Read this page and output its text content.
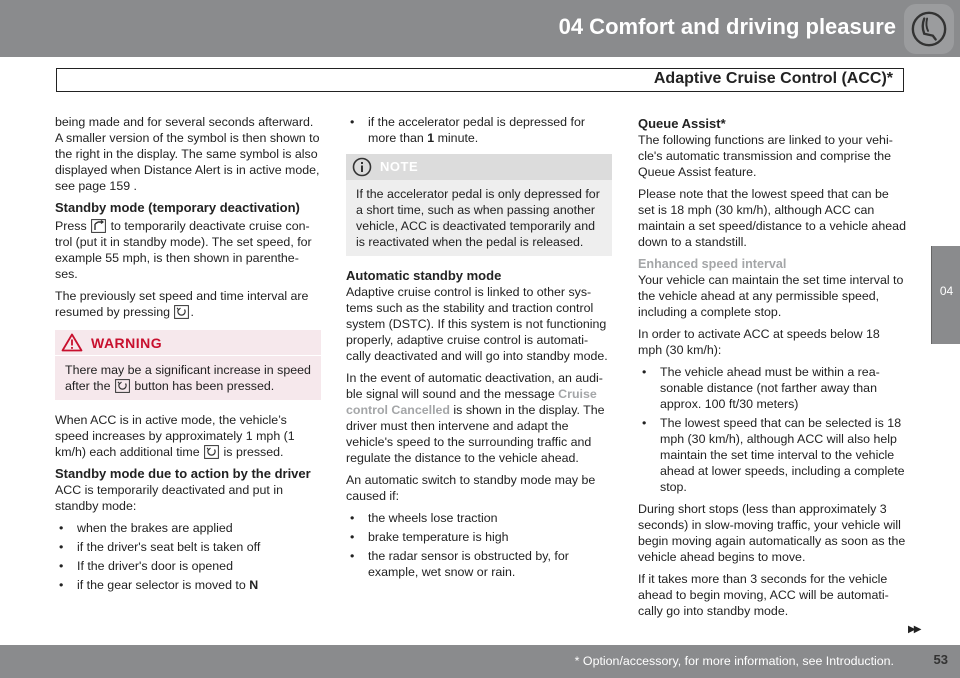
04 Comfort and driving pleasure
Adaptive Cruise Control (ACC)*
04

being made and for several seconds afterward. A smaller version of the symbol is then shown to the right in the display. The same symbol is also displayed when Distance Alert is in active mode, see page 159 .

Standby mode (temporary deactivation)

Press to temporarily deactivate cruise con- trol (put it in standby mode). The set speed, for example 55 mph, is then shown in parenthe- ses.

The previously set speed and time interval are resumed by pressing .

WARNING
There may be a significant increase in speed after the button has been pressed.

When ACC is in active mode, the vehicle’s speed increases by approximately 1 mph (1 km/h) each additional time is pressed.

Standby mode due to action by the driver

ACC is temporarily deactivated and put in standby mode:

• when the brakes are applied
• if the driver's seat belt is taken off
• If the driver's door is opened
• if the gear selector is moved to N
• if the accelerator pedal is depressed for more than 1 minute.
NOTE
If the accelerator pedal is only depressed for a short time, such as when passing another vehicle, ACC is deactivated temporarily and is reactivated when the pedal is released.
Automatic standby mode

Adaptive cruise control is linked to other sys- tems such as the stability and traction control system (DSTC). If this system is not functioning properly, adaptive cruise control is automati- cally deactivated and will go into standby mode.

In the event of automatic deactivation, an audi- ble signal will sound and the message Cruise control Cancelled is shown in the display. The driver must then intervene and adapt the vehicle's speed to the surrounding traffic and regulate the distance to the vehicle ahead.

An automatic switch to standby mode may be caused if:

• the wheels lose traction
• brake temperature is high
• the radar sensor is obstructed by, for example, wet snow or rain.
Queue Assist*

The following functions are linked to your vehi- cle's automatic transmission and comprise the Queue Assist feature.

Please note that the lowest speed that can be set is 18 mph (30 km/h), although ACC can maintain a set speed/distance to a vehicle ahead down to a standstill.

Enhanced speed interval

Your vehicle can maintain the set time interval to the vehicle ahead at any permissible speed, including a complete stop.

In order to activate ACC at speeds below 18 mph (30 km/h):

• The vehicle ahead must be within a rea- sonable distance (not farther away than approx. 100 ft/30 meters)
• The lowest speed that can be selected is 18 mph (30 km/h), although ACC will also help maintain the set time interval to the vehicle ahead at lower speeds, including a complete stop.

During short stops (less than approximately 3 seconds) in slow-moving traffic, your vehicle will begin moving again automatically as soon as the vehicle ahead begins to move.

If it takes more than 3 seconds for the vehicle ahead to begin moving, ACC will be automati- cally go into standby mode.

▶▶
* Option/accessory, for more information, see Introduction.	53
